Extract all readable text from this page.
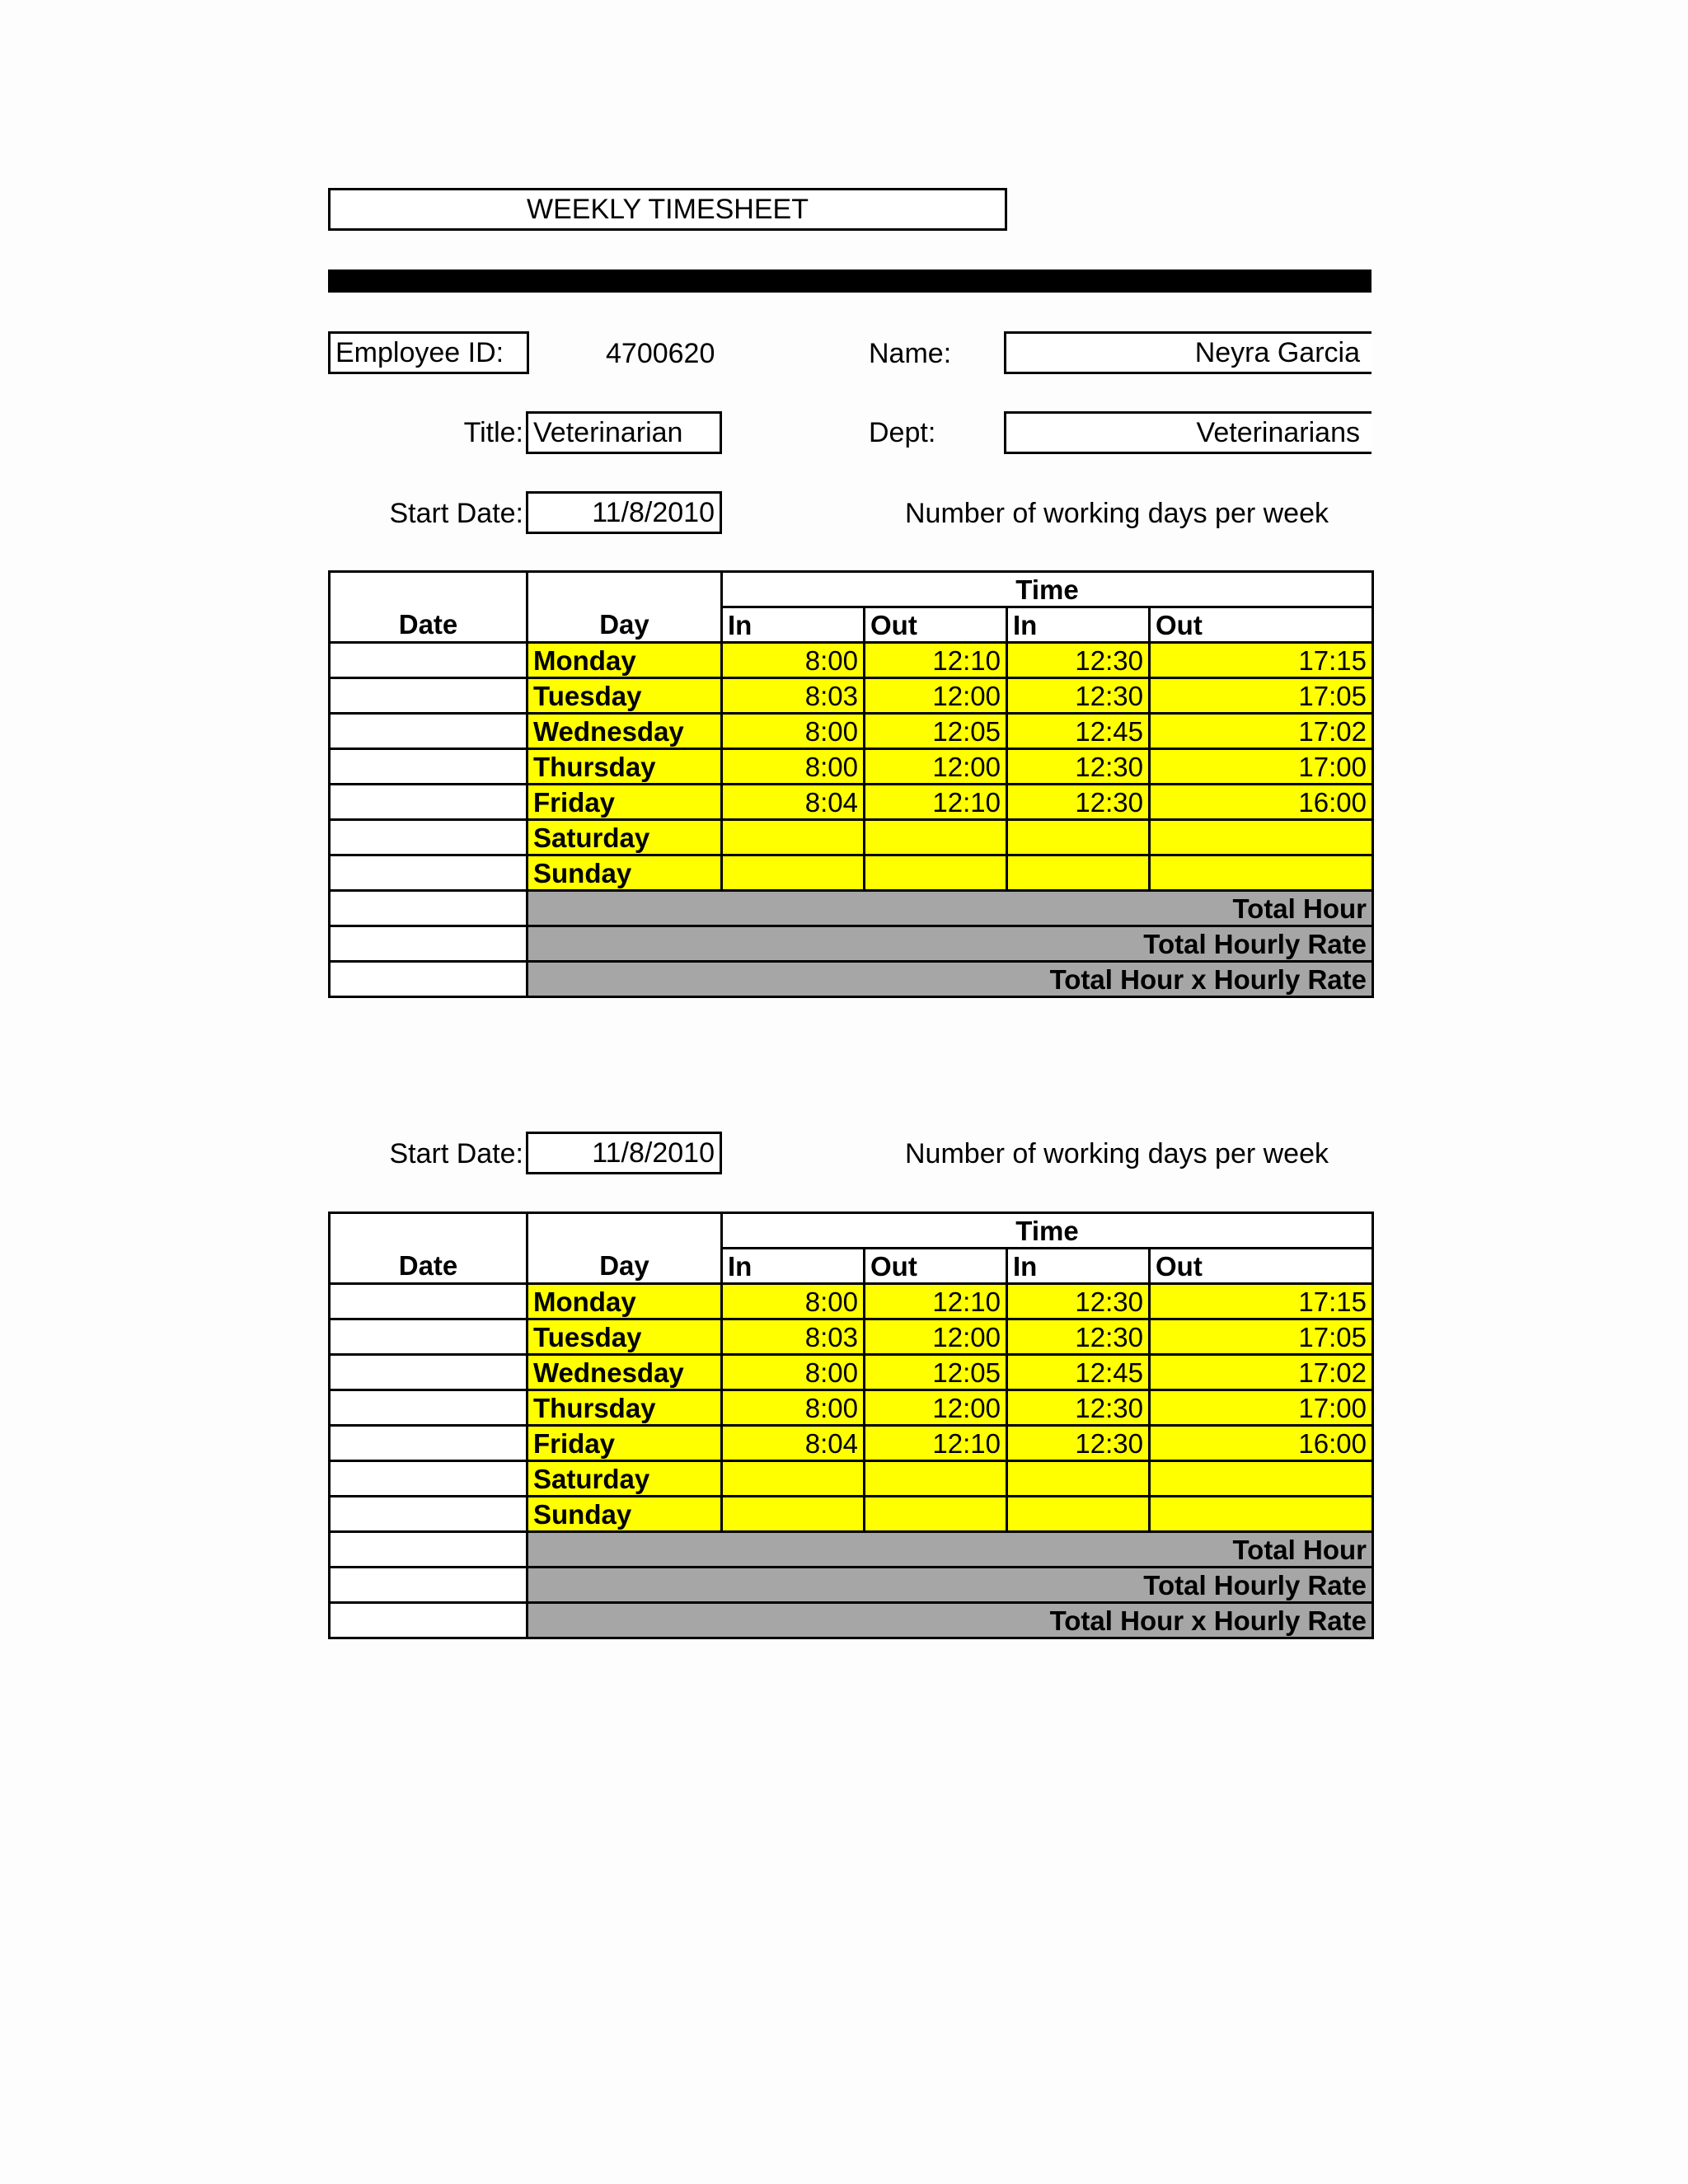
WEEKLY TIMESHEET
Employee ID:	4700620	Name:	Neyra Garcia
Title: Veterinarian	Dept:	Veterinarians
Start Date:	11/8/2010	Number of working days per week
Date	Day	Time			
		In	Out	In	Out
	Monday	8:00	12:10	12:30	17:15
	Tuesday	8:03	12:00	12:30	17:05
	Wednesday	8:00	12:05	12:45	17:02
	Thursday	8:00	12:00	12:30	17:00
	Friday	8:04	12:10	12:30	16:00
	Saturday				
	Sunday				
	Total Hour				
	Total Hourly Rate				
	Total Hour x Hourly Rate				
Start Date:	11/8/2010	Number of working days per week
Date	Day	Time			
		In	Out	In	Out
	Monday	8:00	12:10	12:30	17:15
	Tuesday	8:03	12:00	12:30	17:05
	Wednesday	8:00	12:05	12:45	17:02
	Thursday	8:00	12:00	12:30	17:00
	Friday	8:04	12:10	12:30	16:00
	Saturday				
	Sunday				
	Total Hour				
	Total Hourly Rate				
	Total Hour x Hourly Rate				
